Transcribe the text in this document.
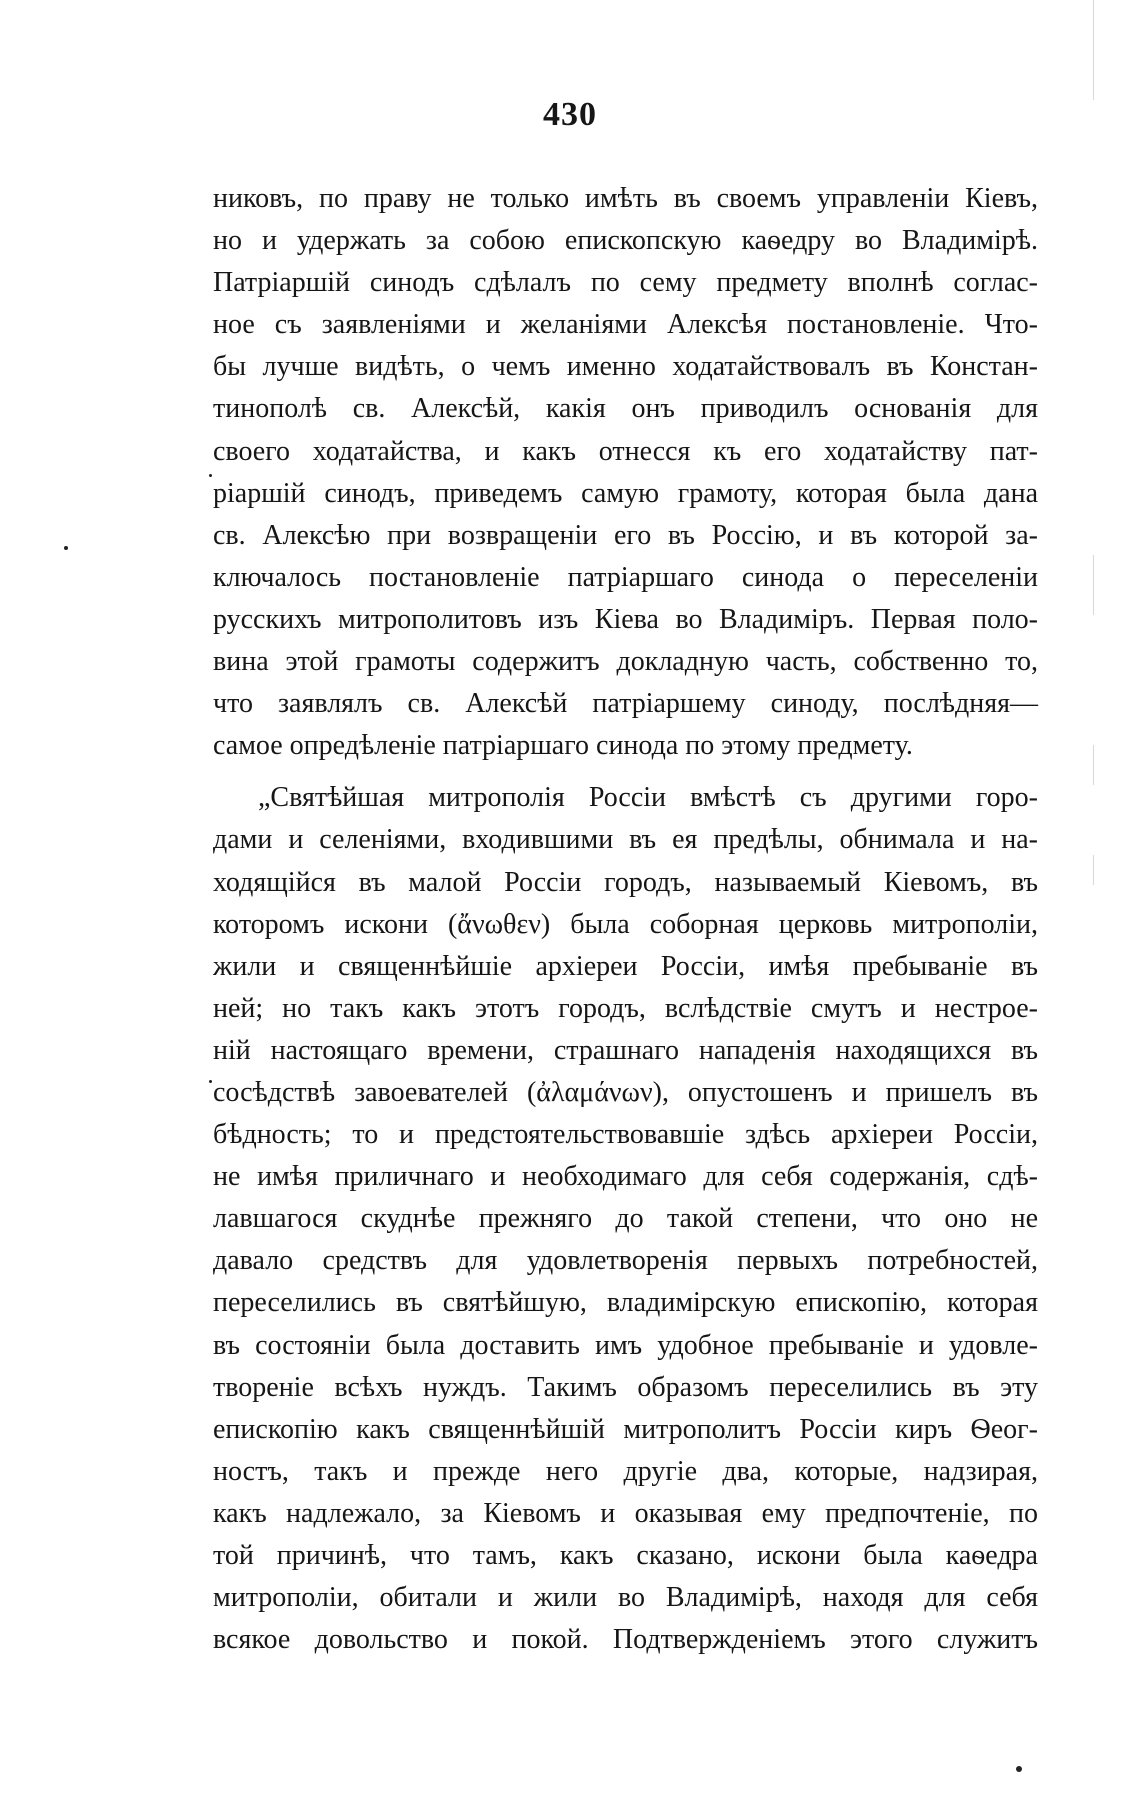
430
никовъ, по праву не только имѣть въ своемъ управленіи Кіевъ,
но и удержать за собою епископскую каѳедру во Владимірѣ.
Патріаршій синодъ сдѣлалъ по сему предмету вполнѣ соглас-
ное съ заявленіями и желаніями Алексѣя постановленіе. Что-
бы лучше видѣть, о чемъ именно ходатайствовалъ въ Констан-
тинополѣ св. Алексѣй, какія онъ приводилъ основанія для
своего ходатайства, и какъ отнесся къ его ходатайству пат-
ріаршій синодъ, приведемъ самую грамоту, которая была дана
св. Алексѣю при возвращеніи его въ Россію, и въ которой за-
ключалось постановленіе патріаршаго синода о переселеніи
русскихъ митрополитовъ изъ Кіева во Владиміръ. Первая поло-
вина этой грамоты содержитъ докладную часть, собственно то,
что заявлялъ св. Алексѣй патріаршему синоду, послѣдняя—
самое опредѣленіе патріаршаго синода по этому предмету.
„Святѣйшая митрополія Россіи вмѣстѣ съ другими горо-
дами и селеніями, входившими въ ея предѣлы, обнимала и на-
ходящійся въ малой Россіи городъ, называемый Кіевомъ, въ
которомъ искони (ἄνωθεν) была соборная церковь митрополіи,
жили и священнѣйшіе архіереи Россіи, имѣя пребываніе въ
ней; но такъ какъ этотъ городъ, вслѣдствіе смутъ и нестрое-
ній настоящаго времени, страшнаго нападенія находящихся въ
сосѣдствѣ завоевателей (ἀλαμάνων), опустошенъ и пришелъ въ
бѣдность; то и предстоятельствовавшіе здѣсь архіереи Россіи,
не имѣя приличнаго и необходимаго для себя содержанія, сдѣ-
лавшагося скуднѣе прежняго до такой степени, что оно не
давало средствъ для удовлетворенія первыхъ потребностей,
переселились въ святѣйшую, владимірскую епископію, которая
въ состояніи была доставить имъ удобное пребываніе и удовле-
твореніе всѣхъ нуждъ. Такимъ образомъ переселились въ эту
епископію какъ священнѣйшій митрополитъ Россіи киръ Ѳеог-
ностъ, такъ и прежде него другіе два, которые, надзирая,
какъ надлежало, за Кіевомъ и оказывая ему предпочтеніе, по
той причинѣ, что тамъ, какъ сказано, искони была каѳедра
митрополіи, обитали и жили во Владимірѣ, находя для себя
всякое довольство и покой. Подтвержденіемъ этого служитъ
